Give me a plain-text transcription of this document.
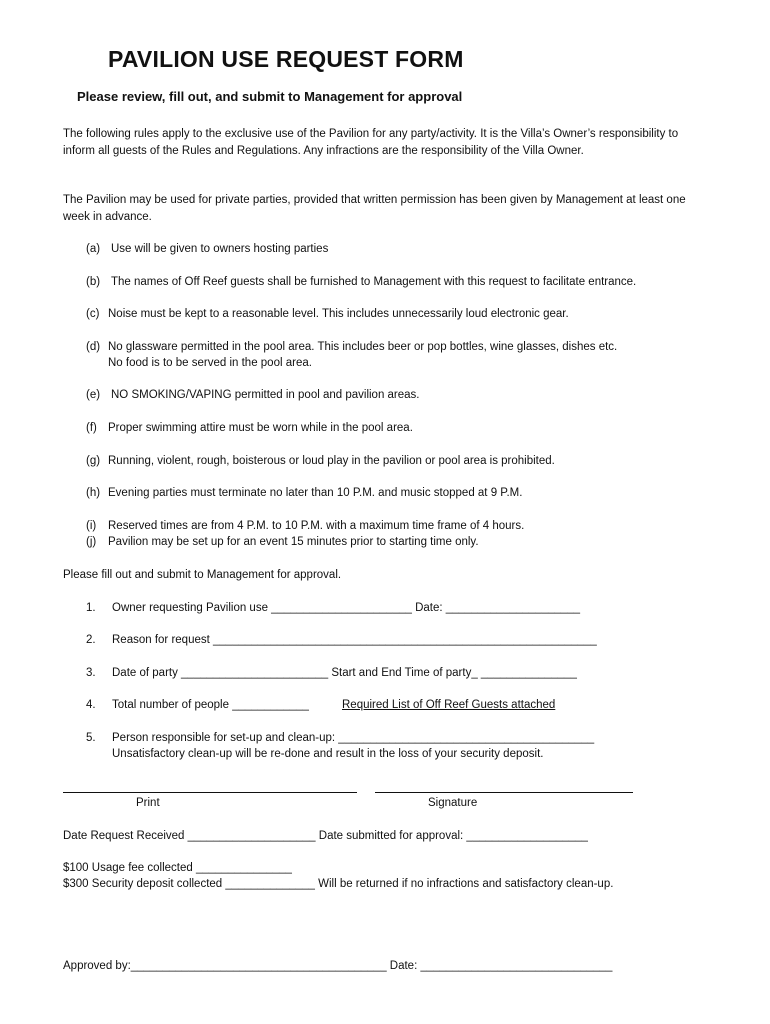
PAVILION USE REQUEST FORM
Please review, fill out, and submit to Management for approval
The following rules apply to the exclusive use of the Pavilion for any party/activity. It is the Villa’s Owner’s responsibility to inform all guests of the Rules and Regulations. Any infractions are the responsibility of the Villa Owner.
The Pavilion may be used for private parties, provided that written permission has been given by Management at least one week in advance.
(a) Use will be given to owners hosting parties
(b) The names of Off Reef guests shall be furnished to Management with this request to facilitate entrance.
(c) Noise must be kept to a reasonable level. This includes unnecessarily loud electronic gear.
(d) No glassware permitted in the pool area. This includes beer or pop bottles, wine glasses, dishes etc.
No food is to be served in the pool area.
(e) NO SMOKING/VAPING permitted in pool and pavilion areas.
(f) Proper swimming attire must be worn while in the pool area.
(g) Running, violent, rough, boisterous or loud play in the pavilion or pool area is prohibited.
(h) Evening parties must terminate no later than 10 P.M. and music stopped at 9 P.M.
(i) Reserved times are from 4 P.M. to 10 P.M. with a maximum time frame of 4 hours.
(j) Pavilion may be set up for an event 15 minutes prior to starting time only.
Please fill out and submit to Management for approval.
1. Owner requesting Pavilion use ______________________ Date: _____________________
2. Reason for request ____________________________________________________________
3. Date of party _______________________ Start and End Time of party_ _______________
4. Total number of people ____________	Required List of Off Reef Guests attached
5. Person responsible for set-up and clean-up: ________________________________________
Unsatisfactory clean-up will be re-done and result in the loss of your security deposit.
Print	Signature
Date Request Received ____________________ Date submitted for approval: ___________________
$100 Usage fee collected _______________
$300 Security deposit collected ______________ Will be returned if no infractions and satisfactory clean-up.
Approved by:________________________________________ Date: ______________________________
